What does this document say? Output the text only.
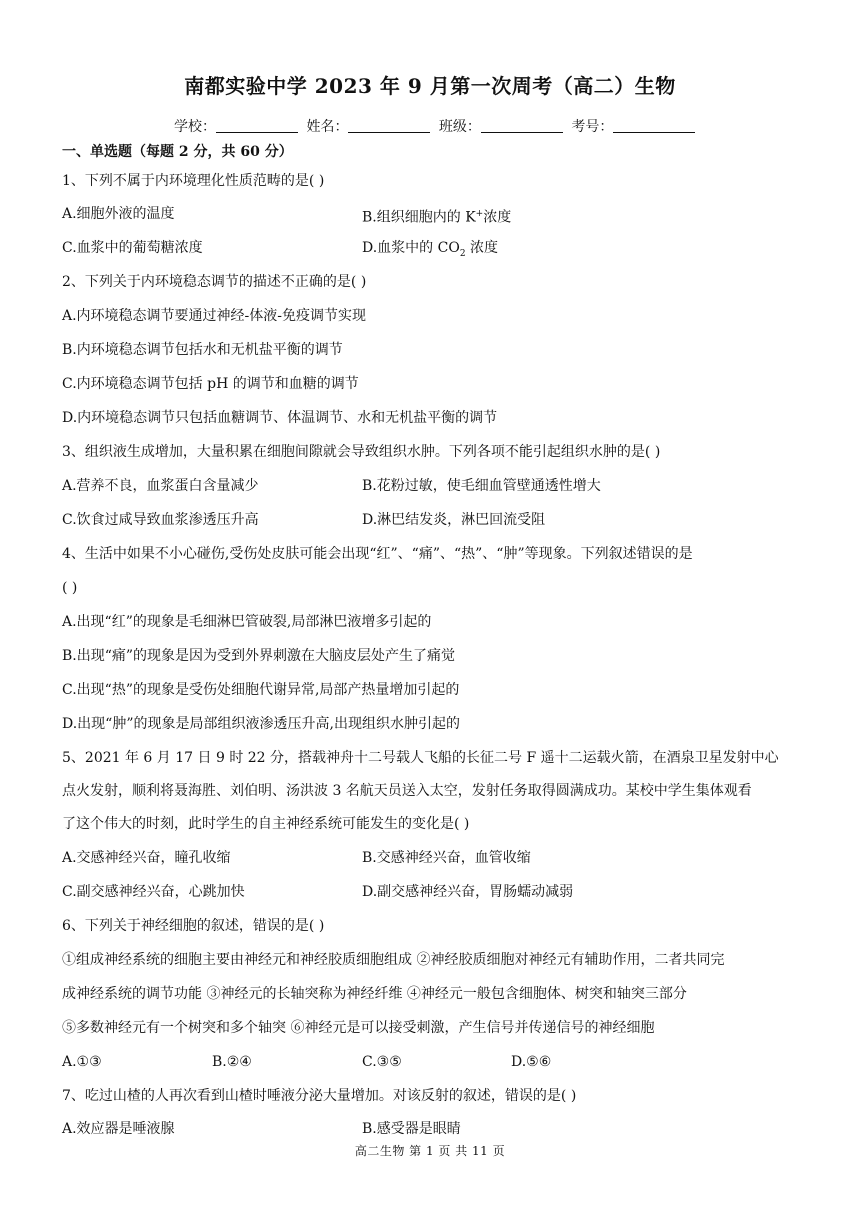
南都实验中学 2023 年 9 月第一次周考（高二）生物
学校：	姓名：	班级：	考号：
一、单选题（每题 2 分，共 60 分）
1、下列不属于内环境理化性质范畴的是( )
A.细胞外液的温度	B.组织细胞内的 K+浓度
C.血浆中的葡萄糖浓度	D.血浆中的 $CO_2$ 浓度
2、下列关于内环境稳态调节的描述不正确的是( )
A.内环境稳态调节要通过神经-体液-免疫调节实现
B.内环境稳态调节包括水和无机盐平衡的调节
C.内环境稳态调节包括 pH 的调节和血糖的调节
D.内环境稳态调节只包括血糖调节、体温调节、水和无机盐平衡的调节
3、组织液生成增加，大量积累在细胞间隙就会导致组织水肿。下列各项不能引起组织水肿的是( )
A.营养不良，血浆蛋白含量减少	B.花粉过敏，使毛细血管壁通透性增大
C.饮食过咸导致血浆渗透压升高	D.淋巴结发炎，淋巴回流受阻
4、生活中如果不小心碰伤,受伤处皮肤可能会出现“红”、“痛”、“热”、“肿”等现象。下列叙述错误的是
( )
A.出现“红”的现象是毛细淋巴管破裂,局部淋巴液增多引起的
B.出现“痛”的现象是因为受到外界刺激在大脑皮层处产生了痛觉
C.出现“热”的现象是受伤处细胞代谢异常,局部产热量增加引起的
D.出现“肿”的现象是局部组织液渗透压升高,出现组织水肿引起的
5、2021 年 6 月 17 日 9 时 22 分，搭载神舟十二号载人飞船的长征二号 F 遥十二运载火箭，在酒泉卫星发射中心
点火发射，顺利将聂海胜、刘伯明、汤洪波 3 名航天员送入太空，发射任务取得圆满成功。某校中学生集体观看
了这个伟大的时刻，此时学生的自主神经系统可能发生的变化是( )
A.交感神经兴奋，瞳孔收缩	B.交感神经兴奋，血管收缩
C.副交感神经兴奋，心跳加快	D.副交感神经兴奋，胃肠蠕动减弱
6、下列关于神经细胞的叙述，错误的是( )
①组成神经系统的细胞主要由神经元和神经胶质细胞组成 ②神经胶质细胞对神经元有辅助作用，二者共同完
成神经系统的调节功能 ③神经元的长轴突称为神经纤维 ④神经元一般包含细胞体、树突和轴突三部分
⑤多数神经元有一个树突和多个轴突 ⑥神经元是可以接受刺激，产生信号并传递信号的神经细胞
A.①③	B.②④	C.③⑤	D.⑤⑥
7、吃过山楂的人再次看到山楂时唾液分泌大量增加。对该反射的叙述，错误的是( )
A.效应器是唾液腺	B.感受器是眼睛
高二生物 第 1 页 共 11 页
